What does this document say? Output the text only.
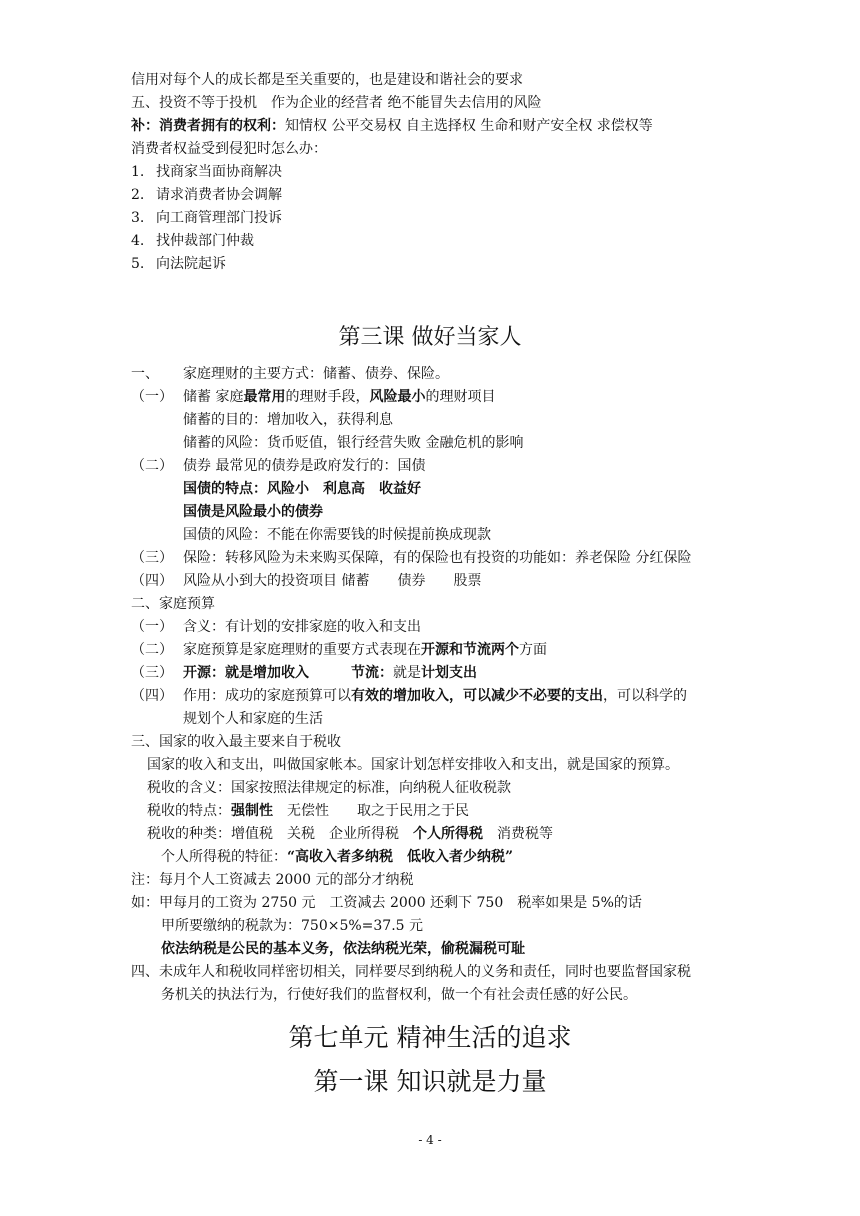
信用对每个人的成长都是至关重要的，也是建设和谐社会的要求
五、投资不等于投机　作为企业的经营者 绝不能冒失去信用的风险
补：消费者拥有的权利：知情权 公平交易权 自主选择权 生命和财产安全权 求偿权等
消费者权益受到侵犯时怎么办：
1. 找商家当面协商解决
2. 请求消费者协会调解
3. 向工商管理部门投诉
4. 找仲裁部门仲裁
5. 向法院起诉
第三课 做好当家人
一、 家庭理财的主要方式：储蓄、债券、保险。
（一） 储蓄 家庭最常用的理财手段，风险最小的理财项目
储蓄的目的：增加收入，获得利息
储蓄的风险：货币贬值，银行经营失败 金融危机的影响
（二） 债券 最常见的债券是政府发行的：国债
国债的特点：风险小　利息高　收益好
国债是风险最小的债券
国债的风险：不能在你需要钱的时候提前换成现款
（三） 保险：转移风险为未来购买保障，有的保险也有投资的功能如：养老保险 分红保险
（四） 风险从小到大的投资项目 储蓄　　债券　　股票
二、家庭预算
（一） 含义：有计划的安排家庭的收入和支出
（二） 家庭预算是家庭理财的重要方式表现在开源和节流两个方面
（三） 开源：就是增加收入　　　节流：就是计划支出
（四） 作用：成功的家庭预算可以有效的增加收入，可以减少不必要的支出，可以科学的
规划个人和家庭的生活
三、国家的收入最主要来自于税收
国家的收入和支出，叫做国家帐本。国家计划怎样安排收入和支出，就是国家的预算。
税收的含义：国家按照法律规定的标准，向纳税人征收税款
税收的特点：强制性　无偿性　　取之于民用之于民
税收的种类：增值税　关税　企业所得税　个人所得税　消费税等
个人所得税的特征：“高收入者多纳税　低收入者少纳税”
注：每月个人工资减去 2000 元的部分才纳税
如：甲每月的工资为 2750 元　工资减去 2000 还剩下 750　税率如果是 5%的话
甲所要缴纳的税款为：750×5%=37.5 元
依法纳税是公民的基本义务，依法纳税光荣，偷税漏税可耻
四、未成年人和税收同样密切相关，同样要尽到纳税人的义务和责任，同时也要监督国家税
务机关的执法行为，行使好我们的监督权利，做一个有社会责任感的好公民。
第七单元 精神生活的追求
第一课 知识就是力量
- 4 -
